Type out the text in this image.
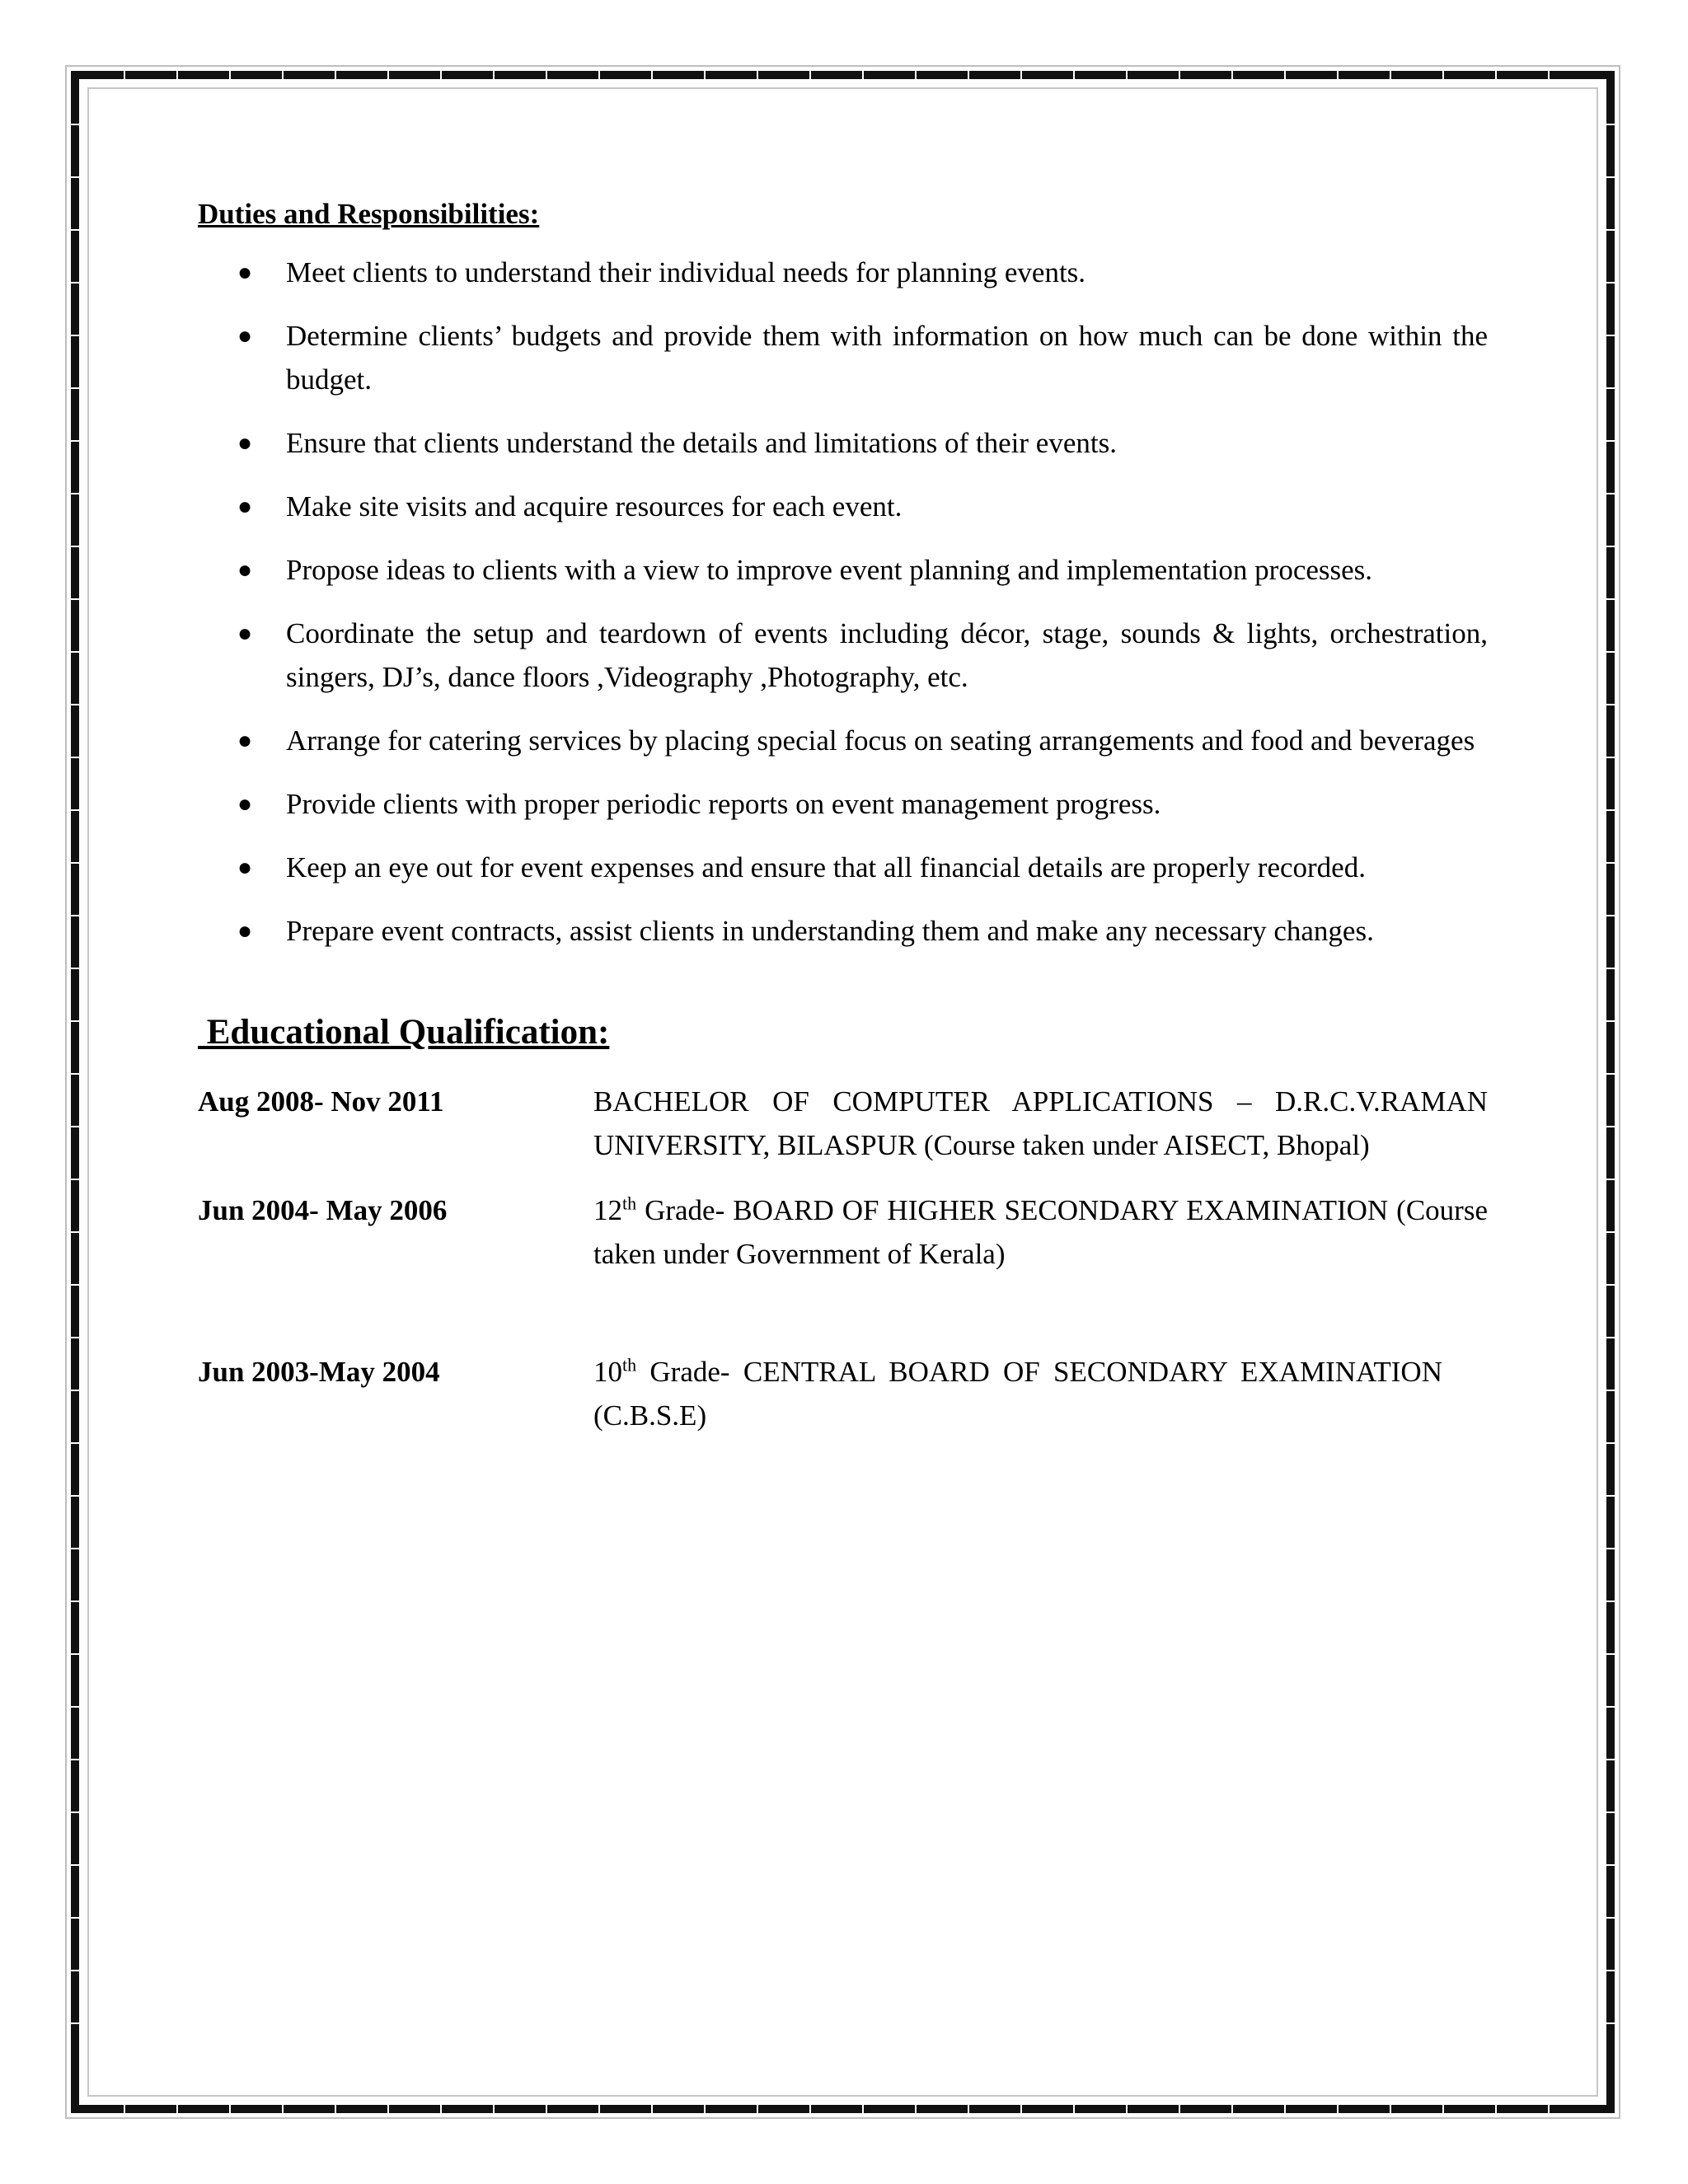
Duties and Responsibilities:
● Meet clients to understand their individual needs for planning events.
● Determine clients’ budgets and provide them with information on how much can be done within the budget.
● Ensure that clients understand the details and limitations of their events.
● Make site visits and acquire resources for each event.
● Propose ideas to clients with a view to improve event planning and implementation processes.
● Coordinate the setup and teardown of events including décor, stage, sounds & lights, orchestration, singers, DJ’s, dance floors ,Videography ,Photography, etc.
● Arrange for catering services by placing special focus on seating arrangements and food and beverages
● Provide clients with proper periodic reports on event management progress.
● Keep an eye out for event expenses and ensure that all financial details are properly recorded.
● Prepare event contracts, assist clients in understanding them and make any necessary changes.
Educational Qualification:
Aug 2008- Nov 2011	BACHELOR OF COMPUTER APPLICATIONS – D.R.C.V.RAMAN UNIVERSITY, BILASPUR (Course taken under AISECT, Bhopal)
Jun 2004- May 2006	12th Grade- BOARD OF HIGHER SECONDARY EXAMINATION (Course taken under Government of Kerala)
Jun 2003-May 2004	10th Grade- CENTRAL BOARD OF SECONDARY EXAMINATION (C.B.S.E)
